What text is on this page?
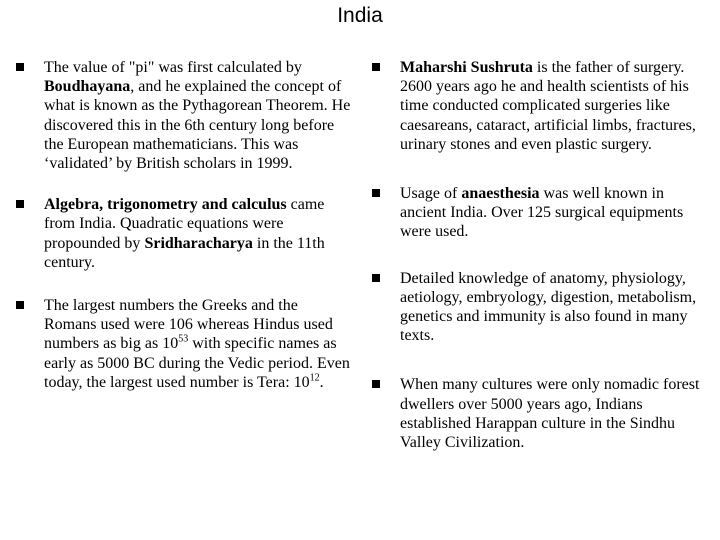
India
The value of "pi" was first calculated by Boudhayana, and he explained the concept of what is known as the Pythagorean Theorem. He discovered this in the 6th century long before the European mathematicians. This was ‘validated’ by British scholars in 1999.
Algebra, trigonometry and calculus came from India. Quadratic equations were propounded by Sridharacharya in the 11th century.
The largest numbers the Greeks and the Romans used were 106 whereas Hindus used numbers as big as $10^{53}$ with specific names as early as 5000 BC during the Vedic period. Even today, the largest used number is Tera: $10^{12}$.
Maharshi Sushruta is the father of surgery. 2600 years ago he and health scientists of his time conducted complicated surgeries like caesareans, cataract, artificial limbs, fractures, urinary stones and even plastic surgery.
Usage of anaesthesia was well known in ancient India. Over 125 surgical equipments were used.
Detailed knowledge of anatomy, physiology, aetiology, embryology, digestion, metabolism, genetics and immunity is also found in many texts.
When many cultures were only nomadic forest dwellers over 5000 years ago, Indians established Harappan culture in the Sindhu Valley Civilization.
